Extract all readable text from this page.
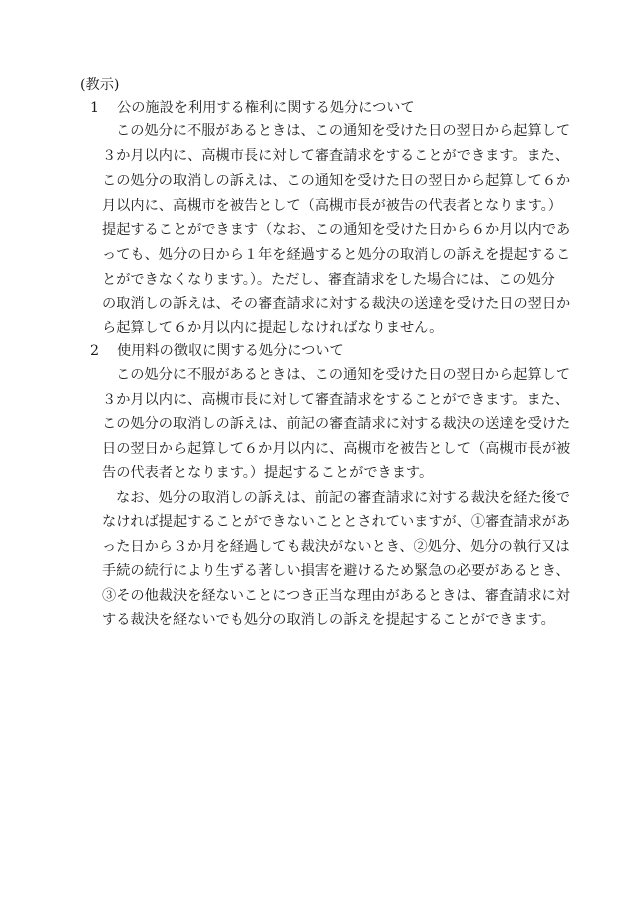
(教示)
1 公の施設を利用する権利に関する処分について
この処分に不服があるときは、この通知を受けた日の翌日から起算して
３か月以内に、高槻市長に対して審査請求をすることができます。また、
この処分の取消しの訴えは、この通知を受けた日の翌日から起算して６か
月以内に、高槻市を被告として（高槻市長が被告の代表者となります。）
提起することができます（なお、この通知を受けた日から６か月以内であ
っても、処分の日から１年を経過すると処分の取消しの訴えを提起するこ
とができなくなります。）。ただし、審査請求をした場合には、この処分
の取消しの訴えは、その審査請求に対する裁決の送達を受けた日の翌日か
ら起算して６か月以内に提起しなければなりません。
2 使用料の徴収に関する処分について
この処分に不服があるときは、この通知を受けた日の翌日から起算して
３か月以内に、高槻市長に対して審査請求をすることができます。また、
この処分の取消しの訴えは、前記の審査請求に対する裁決の送達を受けた
日の翌日から起算して６か月以内に、高槻市を被告として（高槻市長が被
告の代表者となります。）提起することができます。
なお、処分の取消しの訴えは、前記の審査請求に対する裁決を経た後で
なければ提起することができないこととされていますが、①審査請求があ
った日から３か月を経過しても裁決がないとき、②処分、処分の執行又は
手続の続行により生ずる著しい損害を避けるため緊急の必要があるとき、
③その他裁決を経ないことにつき正当な理由があるときは、審査請求に対
する裁決を経ないでも処分の取消しの訴えを提起することができます。
